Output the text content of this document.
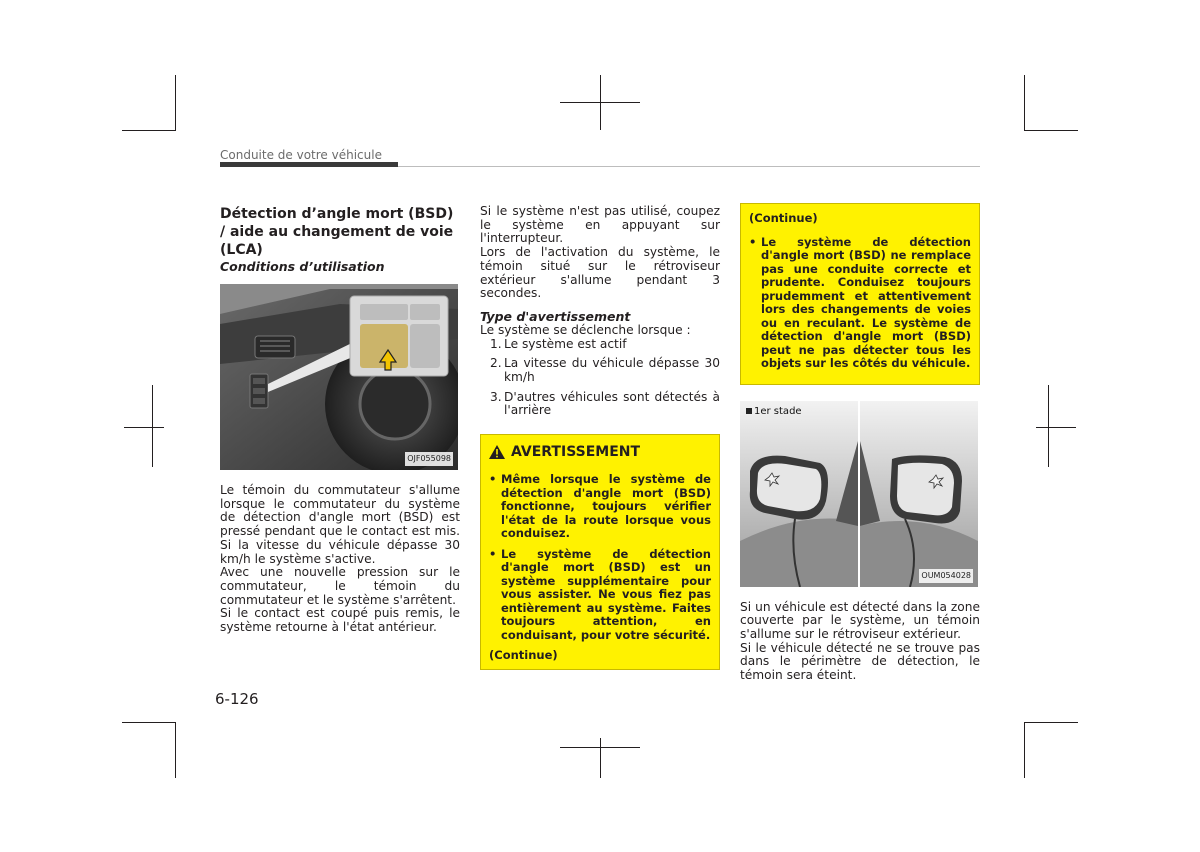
Conduite de votre véhicule

Détection d’angle mort (BSD) / aide au changement de voie (LCA)

Conditions d’utilisation

OJF055098

Le témoin du commutateur s'allume lorsque le commutateur du système de détection d'angle mort (BSD) est pressé pendant que le contact est mis. Si la vitesse du véhicule dépasse 30 km/h le système s'active.

Avec une nouvelle pression sur le commutateur, le témoin du commutateur et le système s'arrêtent.

Si le contact est coupé puis remis, le système retourne à l'état antérieur.

Si le système n'est pas utilisé, coupez le système en appuyant sur l'interrupteur.

Lors de l'activation du système, le témoin situé sur le rétroviseur extérieur s'allume pendant 3 secondes.

Type d'avertissement

Le système se déclenche lorsque :

1. Le système est actif
2. La vitesse du véhicule dépasse 30 km/h
3. D'autres véhicules sont détectés à l'arrière

AVERTISSEMENT

• Même lorsque le système de détection d'angle mort (BSD) fonctionne, toujours vérifier l'état de la route lorsque vous conduisez.
• Le système de détection d'angle mort (BSD) est un système supplémentaire pour vous assister. Ne vous fiez pas entièrement au système. Faites toujours attention, en conduisant, pour votre sécurité.

(Continue)

(Continue)

• Le système de détection d'angle mort (BSD) ne remplace pas une conduite correcte et prudente. Conduisez toujours prudemment et attentivement lors des changements de voies ou en reculant. Le système de détection d'angle mort (BSD) peut ne pas détecter tous les objets sur les côtés du véhicule.
1er stade
OUM054028

Si un véhicule est détecté dans la zone couverte par le système, un témoin s'allume sur le rétroviseur extérieur.

Si le véhicule détecté ne se trouve pas dans le périmètre de détection, le témoin sera éteint.

6-126
